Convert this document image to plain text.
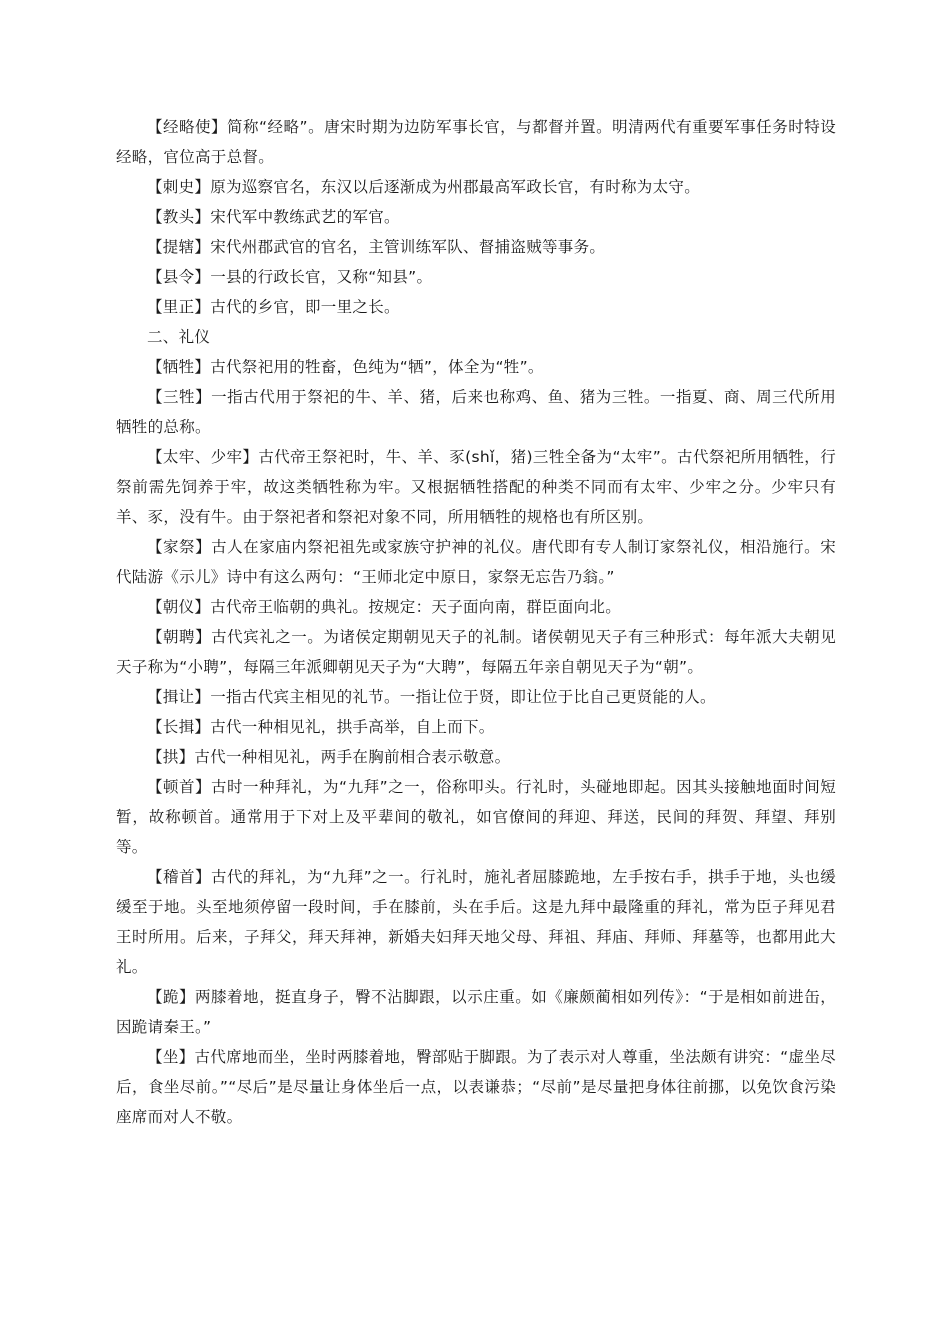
【经略使】简称“经略”。唐宋时期为边防军事长官，与都督并置。明清两代有重要军事任务时特设经略，官位高于总督。

【刺史】原为巡察官名，东汉以后逐渐成为州郡最高军政长官，有时称为太守。

【教头】宋代军中教练武艺的军官。

【提辖】宋代州郡武官的官名，主管训练军队、督捕盗贼等事务。

【县令】一县的行政长官，又称“知县”。

【里正】古代的乡官，即一里之长。

二、礼仪

【牺牲】古代祭祀用的牲畜，色纯为“牺”，体全为“牲”。

【三牲】一指古代用于祭祀的牛、羊、猪，后来也称鸡、鱼、猪为三牲。一指夏、商、周三代所用牺牲的总称。

【太牢、少牢】古代帝王祭祀时，牛、羊、豕(shǐ，猪)三牲全备为“太牢”。古代祭祀所用牺牲，行祭前需先饲养于牢，故这类牺牲称为牢。又根据牺牲搭配的种类不同而有太牢、少牢之分。少牢只有羊、豕，没有牛。由于祭祀者和祭祀对象不同，所用牺牲的规格也有所区别。

【家祭】古人在家庙内祭祀祖先或家族守护神的礼仪。唐代即有专人制订家祭礼仪，相沿施行。宋代陆游《示儿》诗中有这么两句：“王师北定中原日，家祭无忘告乃翁。”

【朝仪】古代帝王临朝的典礼。按规定：天子面向南，群臣面向北。

【朝聘】古代宾礼之一。为诸侯定期朝见天子的礼制。诸侯朝见天子有三种形式：每年派大夫朝见天子称为“小聘”，每隔三年派卿朝见天子为“大聘”，每隔五年亲自朝见天子为“朝”。

【揖让】一指古代宾主相见的礼节。一指让位于贤，即让位于比自己更贤能的人。

【长揖】古代一种相见礼，拱手高举，自上而下。

【拱】古代一种相见礼，两手在胸前相合表示敬意。

【顿首】古时一种拜礼，为“九拜”之一，俗称叩头。行礼时，头碰地即起。因其头接触地面时间短暂，故称顿首。通常用于下对上及平辈间的敬礼，如官僚间的拜迎、拜送，民间的拜贺、拜望、拜别等。

【稽首】古代的拜礼，为“九拜”之一。行礼时，施礼者屈膝跪地，左手按右手，拱手于地，头也缓缓至于地。头至地须停留一段时间，手在膝前，头在手后。这是九拜中最隆重的拜礼，常为臣子拜见君王时所用。后来，子拜父，拜天拜神，新婚夫妇拜天地父母、拜祖、拜庙、拜师、拜墓等，也都用此大礼。

【跪】两膝着地，挺直身子，臀不沾脚跟，以示庄重。如《廉颇蔺相如列传》：“于是相如前进缶，因跪请秦王。”

【坐】古代席地而坐，坐时两膝着地，臀部贴于脚跟。为了表示对人尊重，坐法颇有讲究：“虚坐尽后，食坐尽前。”“尽后”是尽量让身体坐后一点，以表谦恭；“尽前”是尽量把身体往前挪，以免饮食污染座席而对人不敬。
